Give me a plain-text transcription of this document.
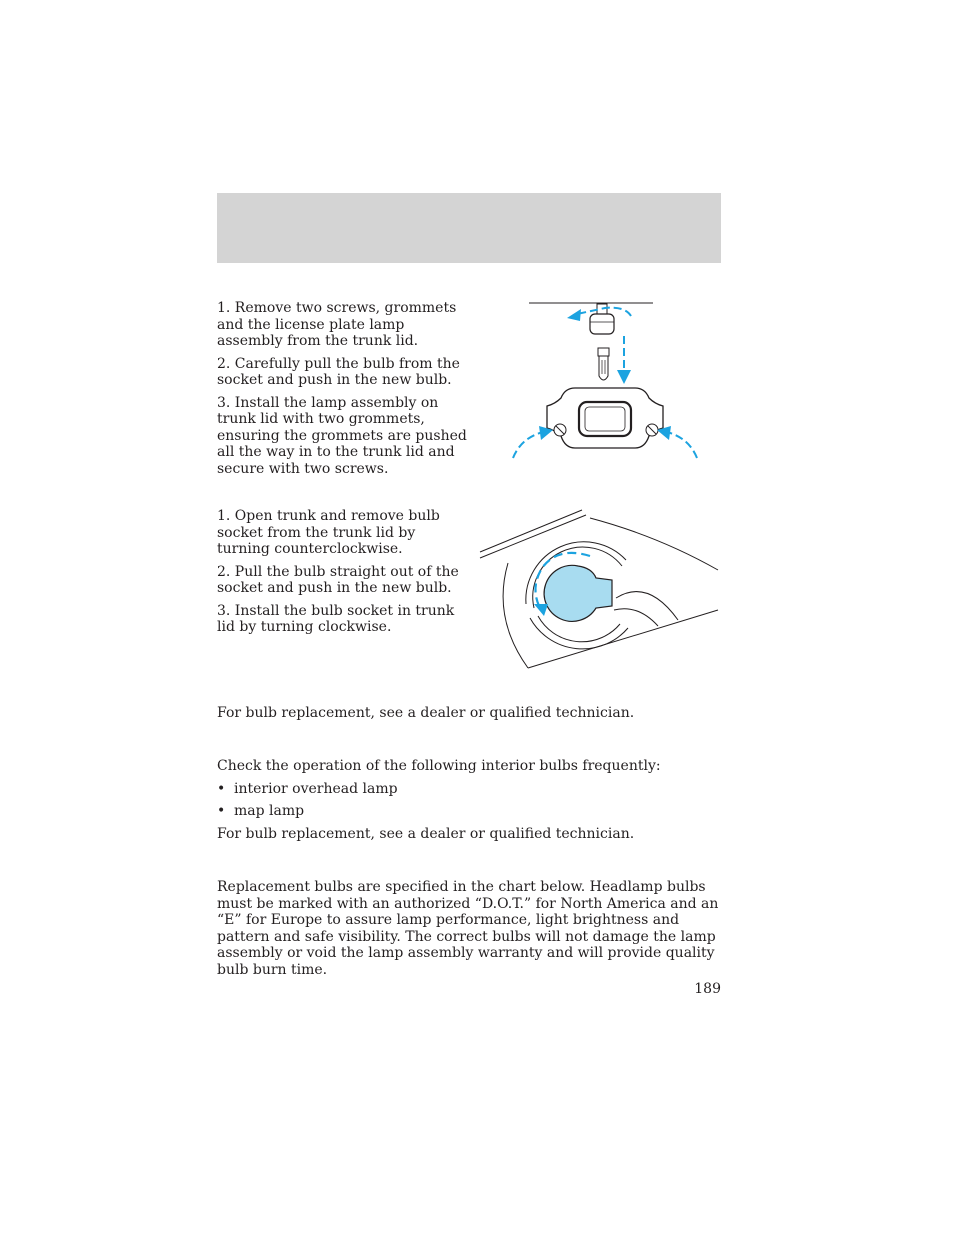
1. Remove two screws, grommets and the license plate lamp assembly from the trunk lid.

2. Carefully pull the bulb from the socket and push in the new bulb.

3. Install the lamp assembly on trunk lid with two grommets, ensuring the grommets are pushed all the way in to the trunk lid and secure with two screws.

1. Open trunk and remove bulb socket from the trunk lid by turning counterclockwise.

2. Pull the bulb straight out of the socket and push in the new bulb.

3. Install the bulb socket in trunk lid by turning clockwise.

For bulb replacement, see a dealer or qualified technician.

Check the operation of the following interior bulbs frequently:

• interior overhead lamp
• map lamp

For bulb replacement, see a dealer or qualified technician.

Replacement bulbs are specified in the chart below. Headlamp bulbs must be marked with an authorized “D.O.T.” for North America and an “E” for Europe to assure lamp performance, light brightness and pattern and safe visibility. The correct bulbs will not damage the lamp assembly or void the lamp assembly warranty and will provide quality bulb burn time.

189
